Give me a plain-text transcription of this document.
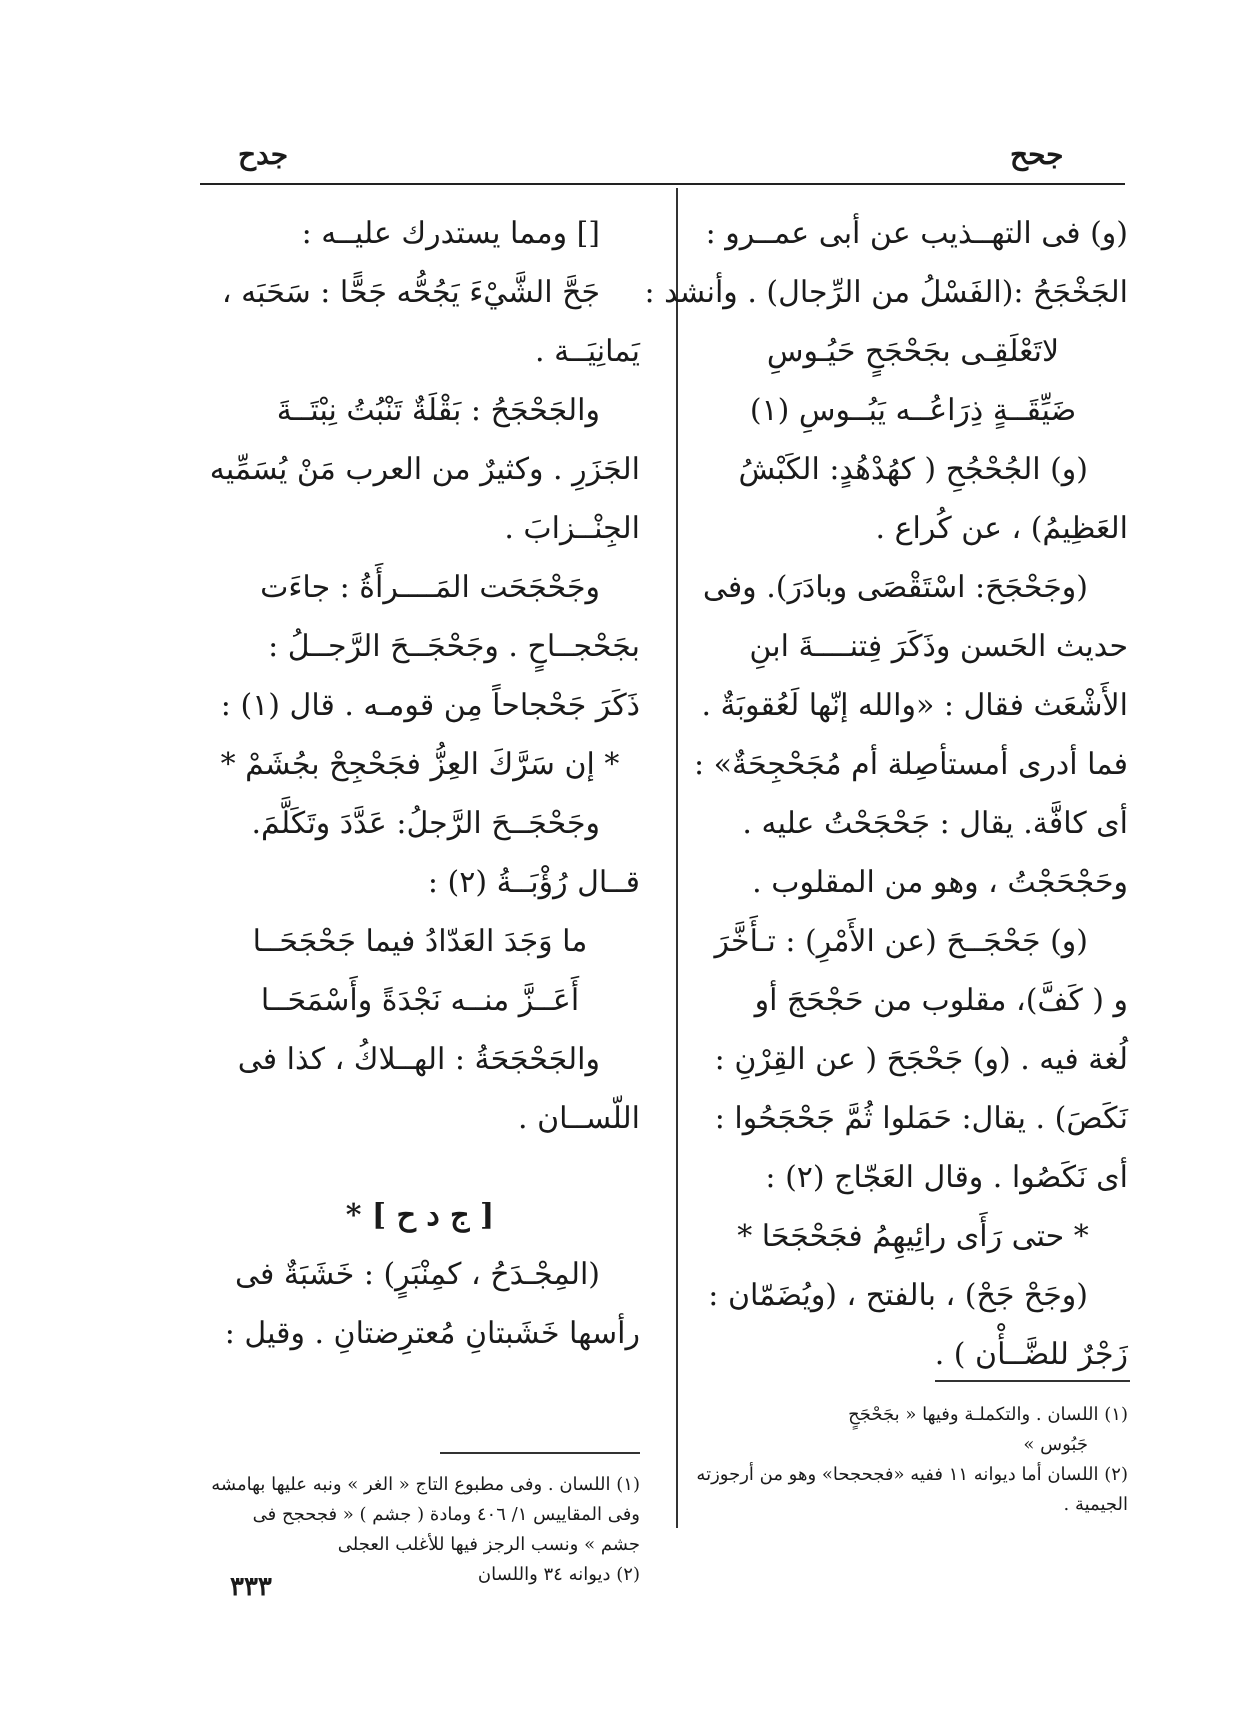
جحح
جدح
(و) فى التهــذيب عن أبى عمــرو :
الجَخْجَحُ :(الفَسْلُ من الرِّجال) . وأنشد :
لاتَعْلَقِـى بجَحْجَحٍ حَيُـوسِ
ضَيِّقَــةٍ ذِرَاعُــه يَبُــوسِ (١)
(و) الجُحْجُحِ ( كهُدْهُدٍ: الكَبْشُ
العَظِيمُ) ، عن كُراع .
(وجَحْجَحَ: اسْتَقْصَى وبادَرَ). وفى
حديث الحَسن وذَكَرَ فِتنــــةَ ابنِ
الأَشْعَث فقال : «والله إنّها لَعُقوبَةٌ .
فما أدرى أمستأصِلة أم مُجَحْجِحَةٌ» :
أى كافَّة. يقال : جَحْجَحْتُ عليه .
وحَجْحَجْتُ ، وهو من المقلوب .
(و) جَحْجَــحَ (عن الأَمْرِ) : تـأَخَّرَ
و ( كَفَّ)، مقلوب من حَجْحَجَ أو
لُغة فيه . (و) جَحْجَحَ ( عن القِرْنِ :
نَكَصَ) . يقال: حَمَلوا ثُمَّ جَحْجَحُوا :
أى نَكَصُوا . وقال العَجّاج (٢) :
* حتى رَأَى رائِيهِمُ فجَحْجَحَا *
(وجَحْ جَحْ) ، بالفتح ، (ويُضَمّان :
زَجْرٌ للضَّــأْن ) .
[] ومما يستدرك عليــه :
جَحَّ الشَّيْءَ يَجُحُّه جَحًّا : سَحَبَه ،
يَمانِيَــة .
والجَحْجَحُ : بَقْلَةٌ تَنْبُتُ نِبْتَــةَ
الجَزَرِ . وكثيرٌ من العرب مَنْ يُسَمِّيه
الجِنْــزابَ .
وجَحْجَحَت المَــــرأَةُ : جاءَت
بجَحْجــاحٍ . وجَحْجَــحَ الرَّجــلُ :
ذَكَرَ جَحْجاحاً مِن قومـه . قال (١) :
* إن سَرَّكَ العِزُّ فجَحْجِحْ بجُشَمْ *
وجَحْجَــحَ الرَّجلُ: عَدَّدَ وتَكَلَّمَ.
قــال رُؤْبَــةُ (٢) :
ما وَجَدَ العَدّادُ فيما جَحْجَحَــا
أَعَــزَّ منــه نَجْدَةً وأَسْمَحَــا
والجَحْجَحَةُ : الهــلاكُ ، كذا فى
اللّســان .
[ ج د ح ] *
(المِجْـدَحُ ، كمِنْبَرٍ) : خَشَبَةٌ فى
رأسها خَشَبتانِ مُعترِضتانِ . وقيل :
(١) اللسان . والتكملـة وفيها « بجَحْجَحٍ
جَبُوس »
(٢) اللسان أما ديوانه ١١ ففيه «فجحجحا» وهو من أرجوزته
الجيمية .
(١) اللسان . وفى مطبوع التاج « الغر » ونبه عليها بهامشه
وفى المقاييس ١/ ٤٠٦ ومادة ( جشم ) « فجحجح فى
جشم » ونسب الرجز فيها للأغلب العجلى
(٢) ديوانه ٣٤ واللسان
٣٣٣
